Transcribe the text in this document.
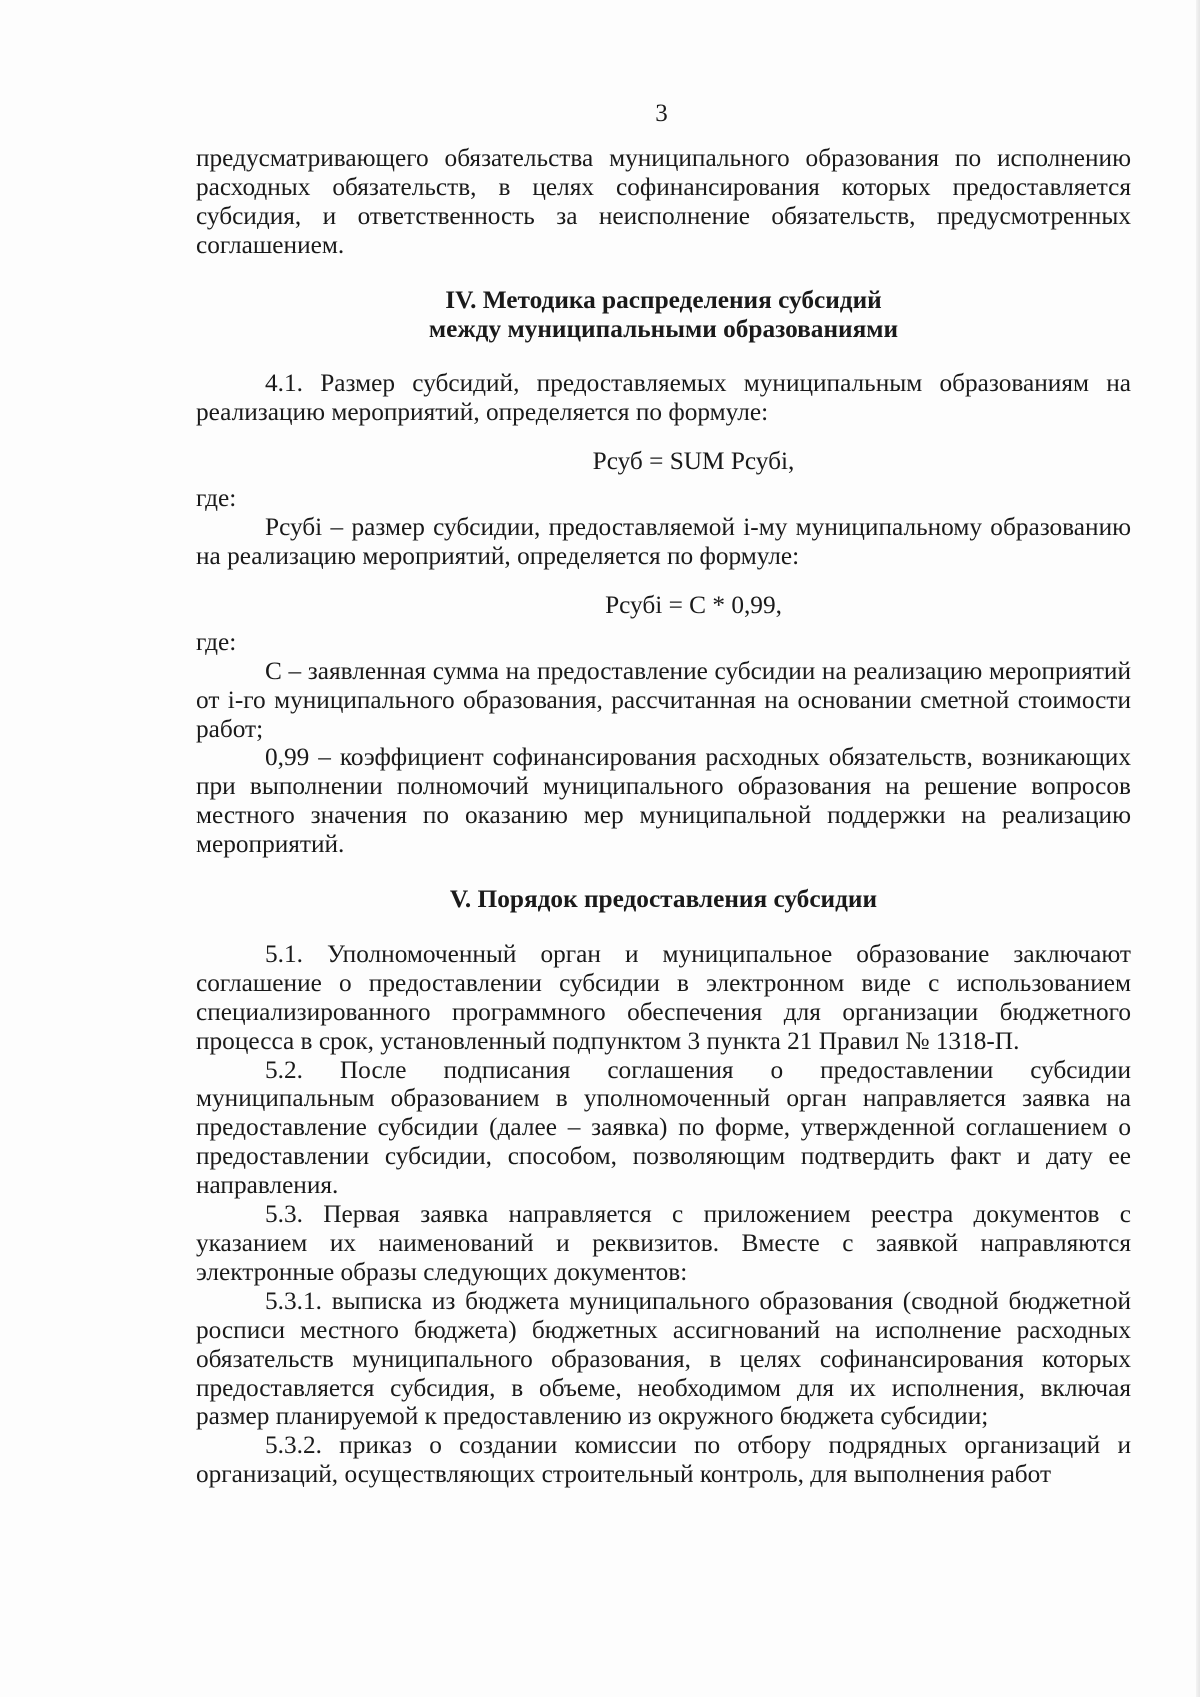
3

предусматривающего обязательства муниципального образования по исполнению расходных обязательств, в целях софинансирования которых предоставляется субсидия, и ответственность за неисполнение обязательств, предусмотренных соглашением.

IV. Методика распределения субсидий

между муниципальными образованиями

4.1. Размер субсидий, предоставляемых муниципальным образованиям на реализацию мероприятий, определяется по формуле:

Рсуб = SUM Рсубi,

где:

Рсубi – размер субсидии, предоставляемой i-му муниципальному образованию на реализацию мероприятий, определяется по формуле:

Рсубi = С * 0,99,

где:

С – заявленная сумма на предоставление субсидии на реализацию мероприятий от i-го муниципального образования, рассчитанная на основании сметной стоимости работ;

0,99 – коэффициент софинансирования расходных обязательств, возникающих при выполнении полномочий муниципального образования на решение вопросов местного значения по оказанию мер муниципальной поддержки на реализацию мероприятий.

V. Порядок предоставления субсидии

5.1. Уполномоченный орган и муниципальное образование заключают соглашение о предоставлении субсидии в электронном виде с использованием специализированного программного обеспечения для организации бюджетного процесса в срок, установленный подпунктом 3 пункта 21 Правил № 1318-П.

5.2. После подписания соглашения о предоставлении субсидии муниципальным образованием в уполномоченный орган направляется заявка на предоставление субсидии (далее – заявка) по форме, утвержденной соглашением о предоставлении субсидии, способом, позволяющим подтвердить факт и дату ее направления.

5.3. Первая заявка направляется с приложением реестра документов с указанием их наименований и реквизитов. Вместе с заявкой направляются электронные образы следующих документов:

5.3.1. выписка из бюджета муниципального образования (сводной бюджетной росписи местного бюджета) бюджетных ассигнований на исполнение расходных обязательств муниципального образования, в целях софинансирования которых предоставляется субсидия, в объеме, необходимом для их исполнения, включая размер планируемой к предоставлению из окружного бюджета субсидии;

5.3.2. приказ о создании комиссии по отбору подрядных организаций и организаций, осуществляющих строительный контроль, для выполнения работ
